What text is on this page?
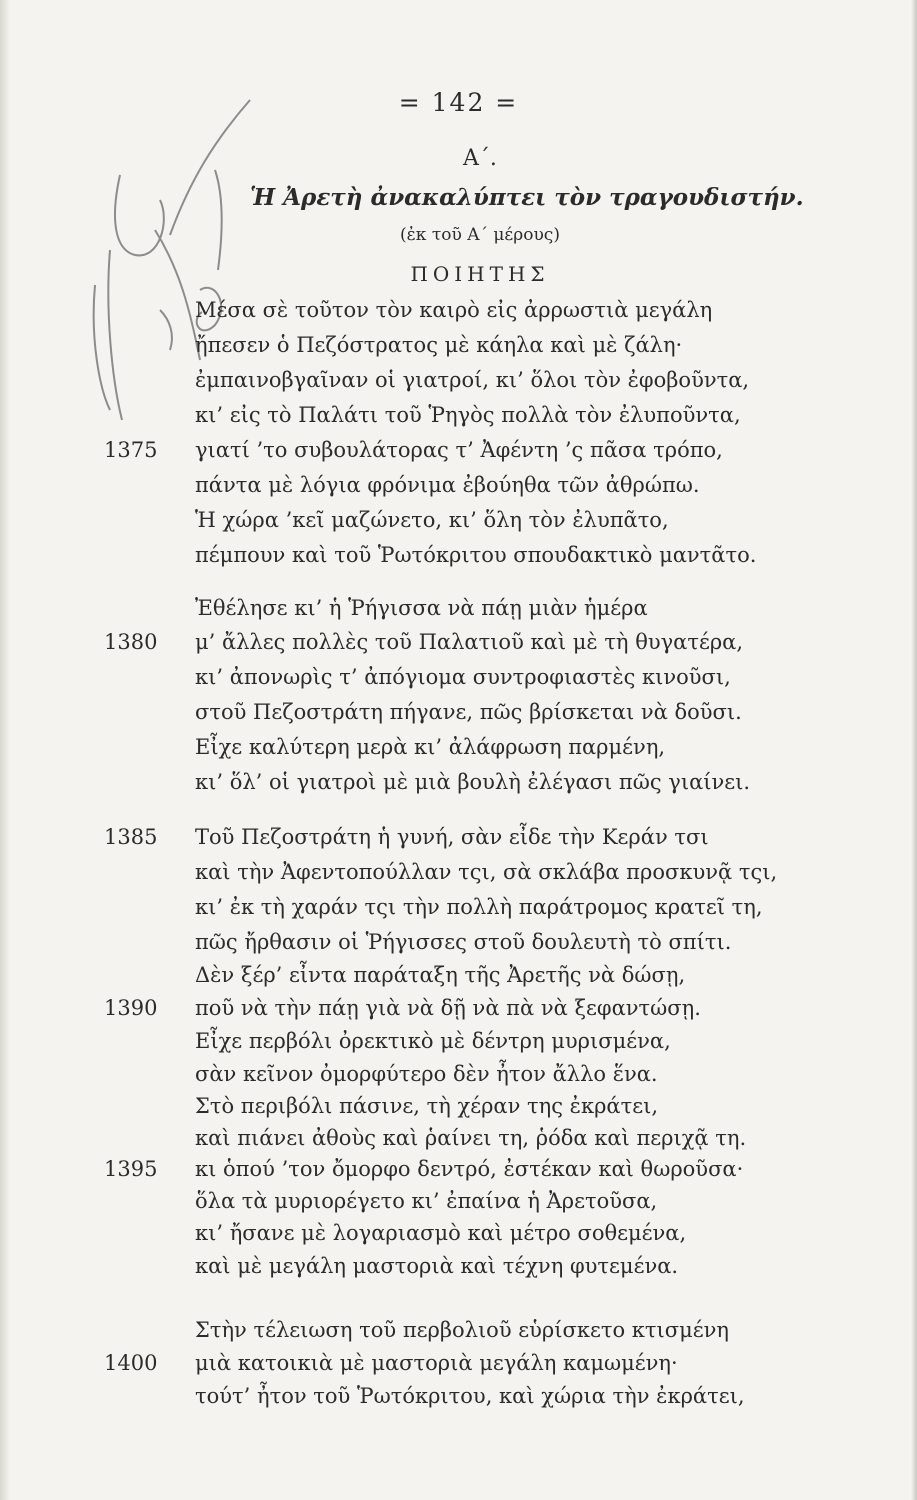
= 142 =
Α΄.
Ἡ Ἀρετὴ ἀνακαλύπτει τὸν τραγουδιστήν.
(ἐκ τοῦ Α΄ μέρους)
ΠΟΙΗΤΗΣ
1375
1380
1385
1390
1395
1400
Μέσα σὲ τοῦτον τὸν καιρὸ εἰς ἀρρωστιὰ μεγάλη
ἤπεσεν ὁ Πεζόστρατος μὲ κάηλα καὶ μὲ ζάλη·
ἐμπαινοβγαῖναν οἱ γιατροί, κι’ ὅλοι τὸν ἐφοβοῦντα,
κι’ εἰς τὸ Παλάτι τοῦ Ῥηγὸς πολλὰ τὸν ἐλυποῦντα,
γιατί ’το συβουλάτορας τ’ Ἀφέντη ’ς πᾶσα τρόπο,
πάντα μὲ λόγια φρόνιμα ἐβούηθα τῶν ἀθρώπω.
Ἡ χώρα ’κεῖ μαζώνετο, κι’ ὅλη τὸν ἐλυπᾶτο,
πέμπουν καὶ τοῦ Ῥωτόκριτου σπουδακτικὸ μαντᾶτο.
Ἐθέλησε κι’ ἡ Ῥήγισσα νὰ πάῃ μιὰν ἡμέρα
μ’ ἄλλες πολλὲς τοῦ Παλατιοῦ καὶ μὲ τὴ θυγατέρα,
κι’ ἀπονωρὶς τ’ ἀπόγιομα συντροφιαστὲς κινοῦσι,
στοῦ Πεζοστράτη πήγανε, πῶς βρίσκεται νὰ δοῦσι.
Εἶχε καλύτερη μερὰ κι’ ἀλάφρωση παρμένη,
κι’ ὅλ’ οἱ γιατροὶ μὲ μιὰ βουλὴ ἐλέγασι πῶς γιαίνει.
Τοῦ Πεζοστράτη ἡ γυνή, σὰν εἶδε τὴν Κεράν τσι
καὶ τὴν Ἀφεντοπούλλαν τςι, σὰ σκλάβα προσκυνᾷ τςι,
κι’ ἐκ τὴ χαράν τςι τὴν πολλὴ παράτρομος κρατεῖ τη,
πῶς ἤρθασιν οἱ Ῥήγισσες στοῦ δουλευτὴ τὸ σπίτι.
Δὲν ξέρ’ εἶντα παράταξη τῆς Ἀρετῆς νὰ δώσῃ,
ποῦ νὰ τὴν πάῃ γιὰ νὰ δῇ νὰ πὰ νὰ ξεφαντώσῃ.
Εἶχε περβόλι ὀρεκτικὸ μὲ δέντρη μυρισμένα,
σὰν κεῖνον ὀμορφύτερο δὲν ἦτον ἄλλο ἕνα.
Στὸ περιβόλι πάσινε, τὴ χέραν της ἐκράτει,
καὶ πιάνει ἀθοὺς καὶ ῥαίνει τη, ῥόδα καὶ περιχᾷ τη.
κι ὁπού ’τον ὄμορφο δεντρό, ἐστέκαν καὶ θωροῦσα·
ὅλα τὰ μυριορέγετο κι’ ἐπαίνα ἡ Ἀρετοῦσα,
κι’ ἤσανε μὲ λογαριασμὸ καὶ μέτρο σοθεμένα,
καὶ μὲ μεγάλη μαστοριὰ καὶ τέχνη φυτεμένα.
Στὴν τέλειωση τοῦ περβολιοῦ εὑρίσκετο κτισμένη
μιὰ κατοικιὰ μὲ μαστοριὰ μεγάλη καμωμένη·
τούτ’ ἦτον τοῦ Ῥωτόκριτου, καὶ χώρια τὴν ἐκράτει,
